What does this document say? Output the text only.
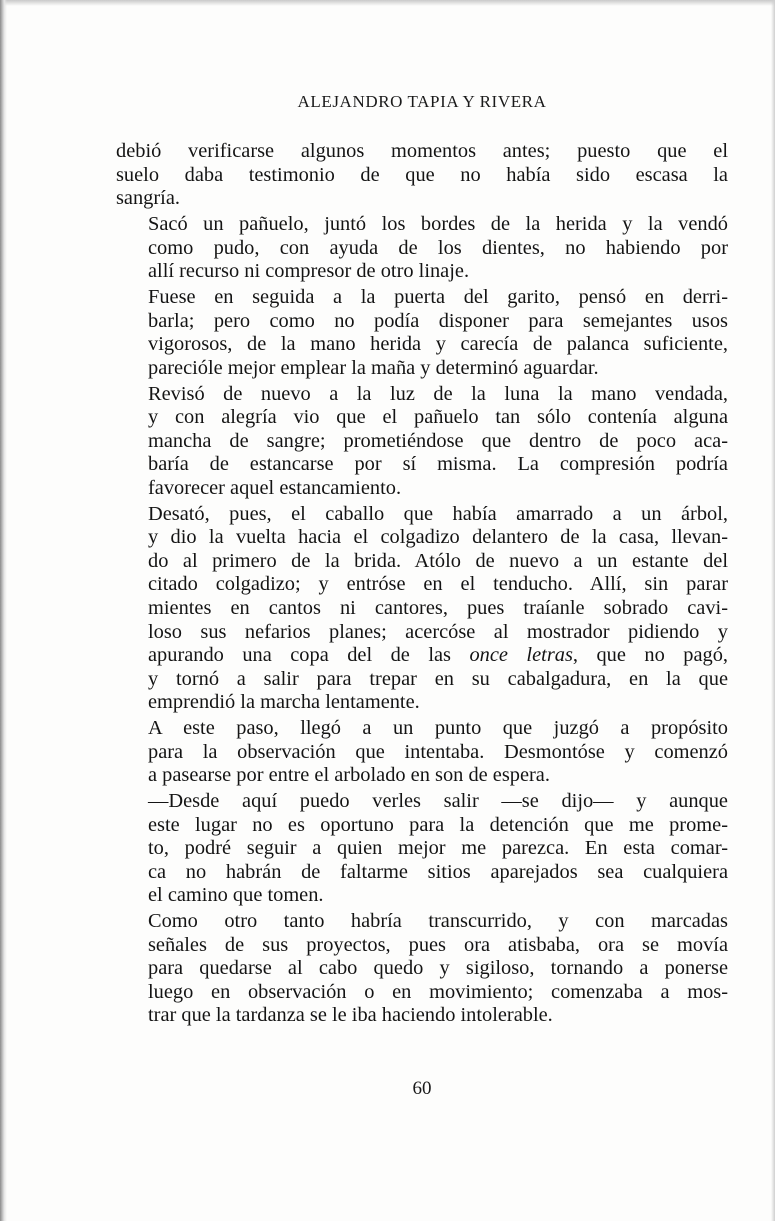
ALEJANDRO TAPIA Y RIVERA

debió verificarse algunos momentos antes; puesto que el
suelo daba testimonio de que no había sido escasa la
sangría.

Sacó un pañuelo, juntó los bordes de la herida y la vendó
como pudo, con ayuda de los dientes, no habiendo por
allí recurso ni compresor de otro linaje.

Fuese en seguida a la puerta del garito, pensó en derri-
barla; pero como no podía disponer para semejantes usos
vigorosos, de la mano herida y carecía de palanca suficiente,
parecióle mejor emplear la maña y determinó aguardar.

Revisó de nuevo a la luz de la luna la mano vendada,
y con alegría vio que el pañuelo tan sólo contenía alguna
mancha de sangre; prometiéndose que dentro de poco aca-
baría de estancarse por sí misma. La compresión podría
favorecer aquel estancamiento.

Desató, pues, el caballo que había amarrado a un árbol,
y dio la vuelta hacia el colgadizo delantero de la casa, llevan-
do al primero de la brida. Atólo de nuevo a un estante del
citado colgadizo; y entróse en el tenducho. Allí, sin parar
mientes en cantos ni cantores, pues traíanle sobrado cavi-
loso sus nefarios planes; acercóse al mostrador pidiendo y
apurando una copa del de las once letras, que no pagó,
y tornó a salir para trepar en su cabalgadura, en la que
emprendió la marcha lentamente.

A este paso, llegó a un punto que juzgó a propósito
para la observación que intentaba. Desmontóse y comenzó
a pasearse por entre el arbolado en son de espera.

—Desde aquí puedo verles salir —se dijo— y aunque
este lugar no es oportuno para la detención que me prome-
to, podré seguir a quien mejor me parezca. En esta comar-
ca no habrán de faltarme sitios aparejados sea cualquiera
el camino que tomen.

Como otro tanto habría transcurrido, y con marcadas
señales de sus proyectos, pues ora atisbaba, ora se movía
para quedarse al cabo quedo y sigiloso, tornando a ponerse
luego en observación o en movimiento; comenzaba a mos-
trar que la tardanza se le iba haciendo intolerable.

60
